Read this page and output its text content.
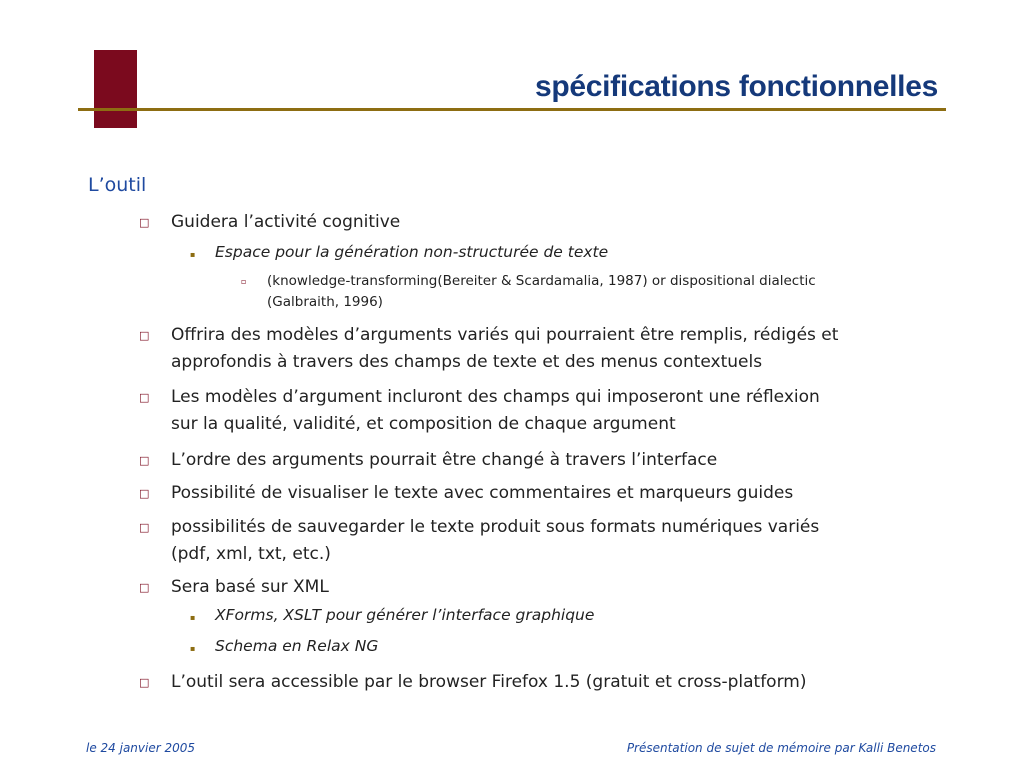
spécifications fonctionnelles
L’outil
□ Guidera l’activité cognitive
▪ Espace pour la génération non-structurée de texte
▫ (knowledge-transforming(Bereiter & Scardamalia, 1987) or dispositional dialectic
(Galbraith, 1996)
□ Offrira des modèles d’arguments variés qui pourraient être remplis, rédigés et
approfondis à travers des champs de texte et des menus contextuels
□ Les modèles d’argument incluront des champs qui imposeront une réflexion
sur la qualité, validité, et composition de chaque argument
□ L’ordre des arguments pourrait être changé à travers l’interface
□ Possibilité de visualiser le texte avec commentaires et marqueurs guides
□ possibilités de sauvegarder le texte produit sous formats numériques variés
(pdf, xml, txt, etc.)
□ Sera basé sur XML
▪ XForms, XSLT pour générer l’interface graphique
▪ Schema en Relax NG
□ L’outil sera accessible par le browser Firefox 1.5 (gratuit et cross-platform)
le 24 janvier 2005	Présentation de sujet de mémoire par Kalli Benetos
